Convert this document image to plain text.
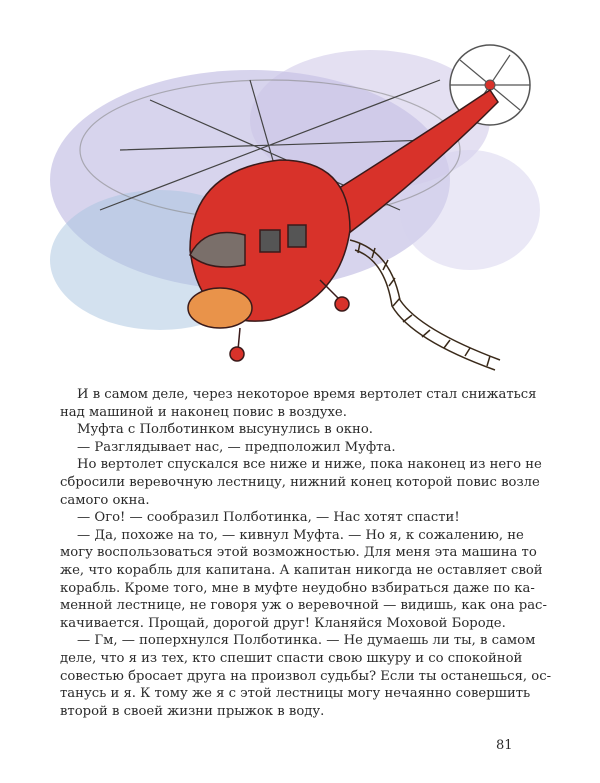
И в самом деле, через некоторое время вертолет стал снижаться
над машиной и наконец повис в воздухе.
Муфта с Полботинком высунулись в окно.
— Разглядывает нас, — предположил Муфта.
Но вертолет спускался все ниже и ниже, пока наконец из него не
сбросили веревочную лестницу, нижний конец которой повис возле
самого окна.
— Ого! — сообразил Полботинка, — Нас хотят спасти!
— Да, похоже на то, — кивнул Муфта. — Но я, к сожалению, не
могу воспользоваться этой возможностью. Для меня эта машина то
же, что корабль для капитана. А капитан никогда не оставляет свой
корабль. Кроме того, мне в муфте неудобно взбираться даже по ка-
менной лестнице, не говоря уж о веревочной — видишь, как она рас-
качивается. Прощай, дорогой друг! Кланяйся Моховой Бороде.
— Гм, — поперхнулся Полботинка. — Не думаешь ли ты, в самом
деле, что я из тех, кто спешит спасти свою шкуру и со спокойной
совестью бросает друга на произвол судьбы? Если ты останешься, ос-
танусь и я. К тому же я с этой лестницы могу нечаянно совершить
второй в своей жизни прыжок в воду.
81
